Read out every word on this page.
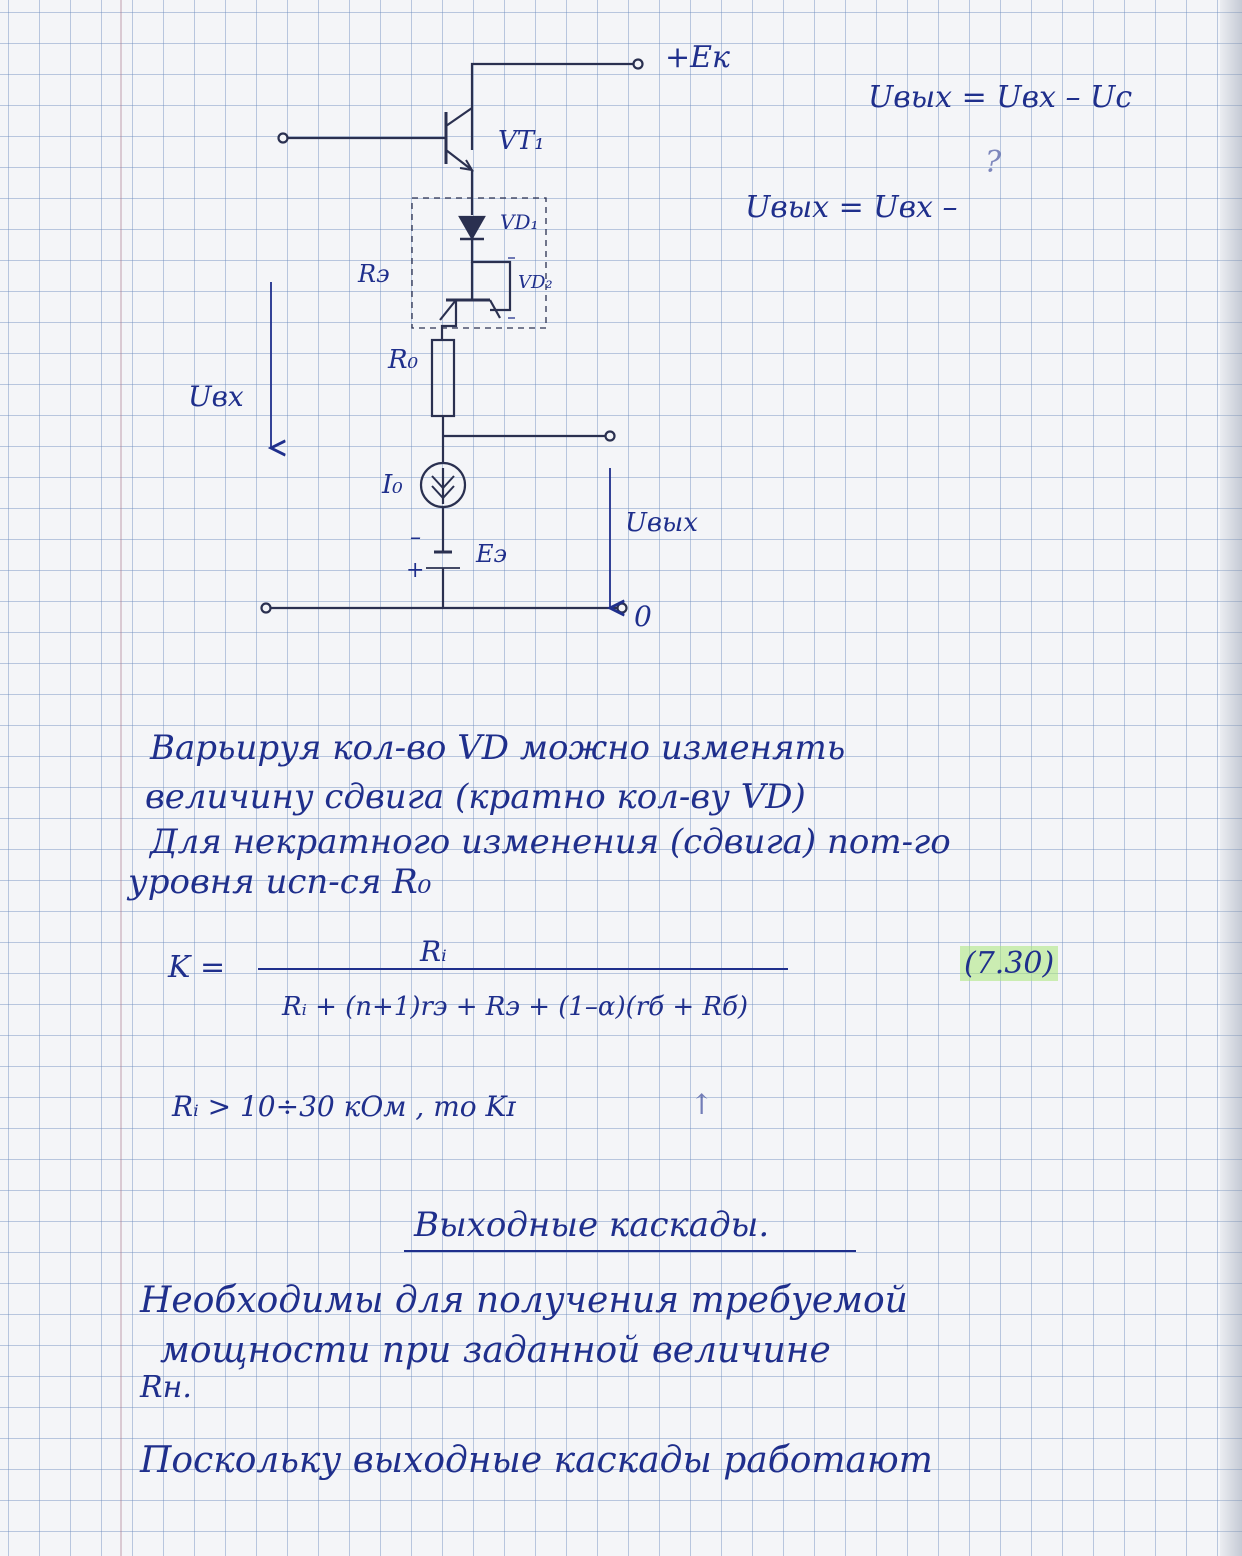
+Eк
VT₁
VD₁
VD₂
Rэ
R₀
I₀
Eэ
Uвх
Uвых
0
–
+
Uвых = Uвх – Uc
Uвых = Uвх –
?

Варьируя кол-во VD можно изменять

величину сдвига (кратно кол-ву VD)

Для некратного изменения (сдвига) пот-го

уровня исп-ся R₀

K =	Rᵢ
Rᵢ + (n+1)rэ + Rэ + (1–α)(rб + Rб)
(7.30)
Rᵢ > 10÷30 кОм , то Kɪ	↑
Выходные каскады.

Необходимы для получения требуемой

мощности при заданной величине

Rн.

Поскольку выходные каскады работают
